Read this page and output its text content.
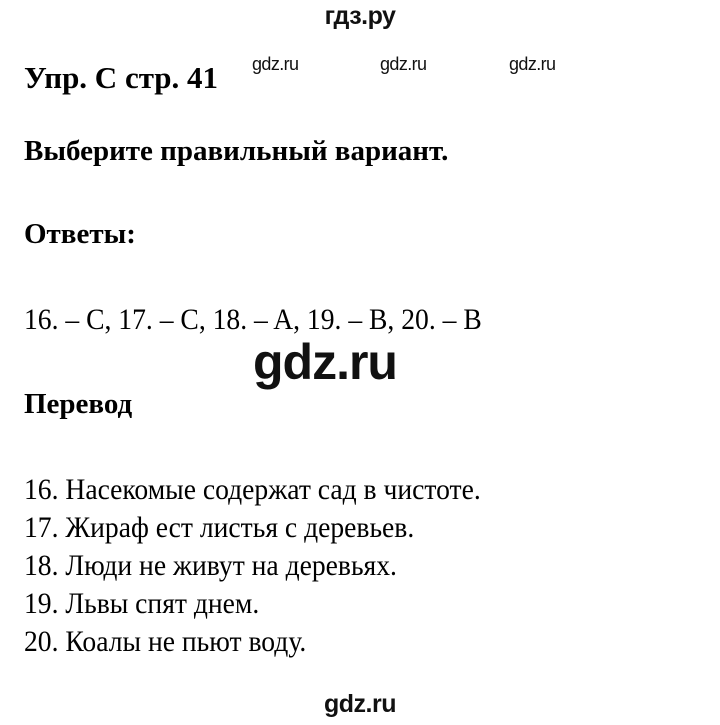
гдз.ру
Упр. C стр. 41 gdz.ru	gdz.ru	gdz.ru
Выберите правильный вариант.
Ответы:
16. – C, 17. – C, 18. – A, 19. – B, 20. – B
gdz.ru
Перевод
16. Насекомые содержат сад в чистоте.
17. Жираф ест листья с деревьев.
18. Люди не живут на деревьях.
19. Львы спят днем.
20. Коалы не пьют воду.
gdz.ru
